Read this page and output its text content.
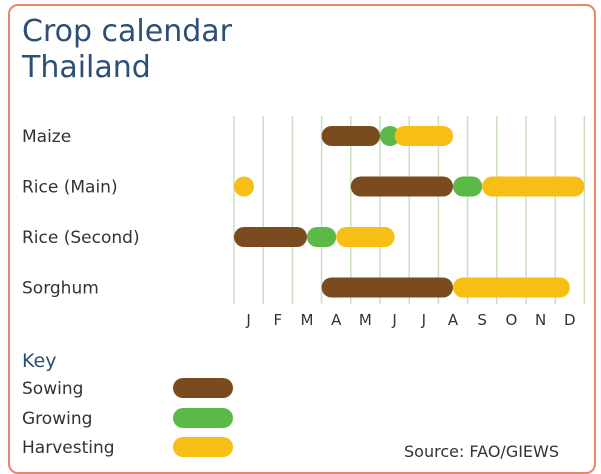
Crop calendar
Thailand
Maize
Rice (Main)
Rice (Second)
Sorghum
J F M A M J J A S O N D
Key
Sowing
Growing
Harvesting	Source: FAO/GIEWS
